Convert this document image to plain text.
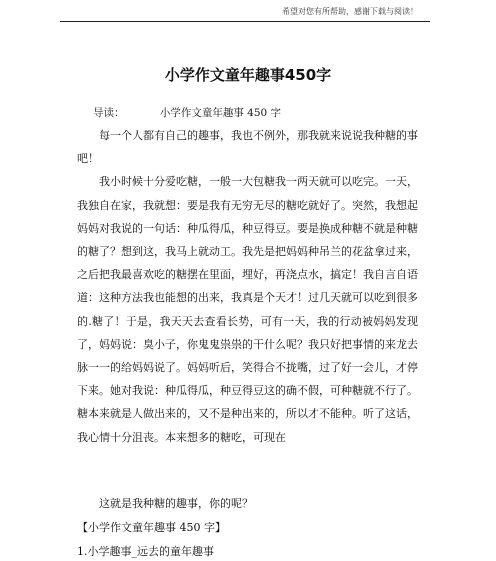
希望对您有所帮助，感谢下载与阅读！
小学作文童年趣事450字
导读：	小学作文童年趣事 450 字

每一个人都有自己的趣事，我也不例外，那我就来说说我种糖的事吧！

我小时候十分爱吃糖，一般一大包糖我一两天就可以吃完。一天，我独自在家，我就想：要是我有无穷无尽的糖吃就好了。突然，我想起妈妈对我说的一句话：种瓜得瓜，种豆得豆。要是换成种糖不就是种糖的糖了？想到这，我马上就动工。我先是把妈妈种吊兰的花盆拿过来，之后把我最喜欢吃的糖摆在里面，埋好，再浇点水，搞定！我自言自语道：这种方法我也能想的出来，我真是个天才！过几天就可以吃到很多的.糖了！于是，我天天去查看长势，可有一天，我的行动被妈妈发现了，妈妈说：臭小子，你鬼鬼祟祟的干什么呢？我只好把事情的来龙去脉一一的给妈妈说了。妈妈听后，笑得合不拢嘴，过了好一会儿，才停下来。她对我说：种瓜得瓜，种豆得豆这的确不假，可种糖就不行了。糖本来就是人做出来的，又不是种出来的，所以才不能种。听了这话，我心情十分沮丧。本来想多的糖吃，可现在

这就是我种糖的趣事，你的呢？
【小学作文童年趣事 450 字】
1.小学趣事_远去的童年趣事
